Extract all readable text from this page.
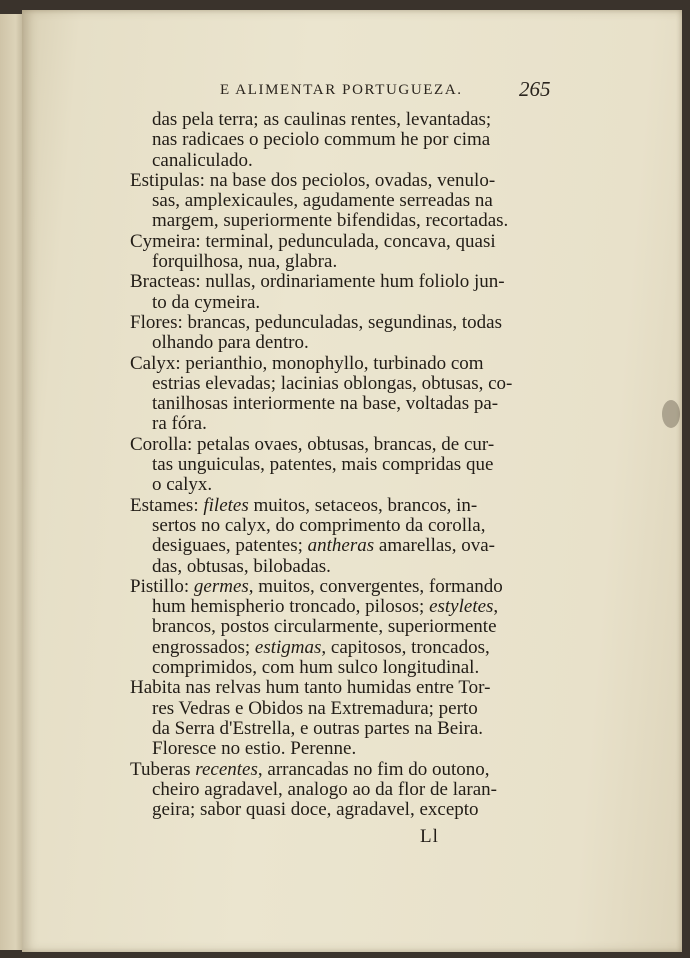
E ALIMENTAR PORTUGUEZA.	265
das pela terra; as caulinas rentes, levantadas;
nas radicaes o peciolo commum he por cima
canaliculado.
Estipulas: na base dos peciolos, ovadas, venulo-
sas, amplexicaules, agudamente serreadas na
margem, superiormente bifendidas, recortadas.
Cymeira: terminal, pedunculada, concava, quasi
forquilhosa, nua, glabra.
Bracteas: nullas, ordinariamente hum foliolo jun-
to da cymeira.
Flores: brancas, pedunculadas, segundinas, todas
olhando para dentro.
Calyx: perianthio, monophyllo, turbinado com
estrias elevadas; lacinias oblongas, obtusas, co-
tanilhosas interiormente na base, voltadas pa-
ra fóra.
Corolla: petalas ovaes, obtusas, brancas, de cur-
tas unguiculas, patentes, mais compridas que
o calyx.
Estames: filetes muitos, setaceos, brancos, in-
sertos no calyx, do comprimento da corolla,
desiguaes, patentes; antheras amarellas, ova-
das, obtusas, bilobadas.
Pistillo: germes, muitos, convergentes, formando
hum hemispherio troncado, pilosos; estyletes,
brancos, postos circularmente, superiormente
engrossados; estigmas, capitosos, troncados,
comprimidos, com hum sulco longitudinal.
Habita nas relvas hum tanto humidas entre Tor-
res Vedras e Obidos na Extremadura; perto
da Serra d'Estrella, e outras partes na Beira.
Floresce no estio. Perenne.
Tuberas recentes, arrancadas no fim do outono,
cheiro agradavel, analogo ao da flor de laran-
geira; sabor quasi doce, agradavel, excepto
Ll
